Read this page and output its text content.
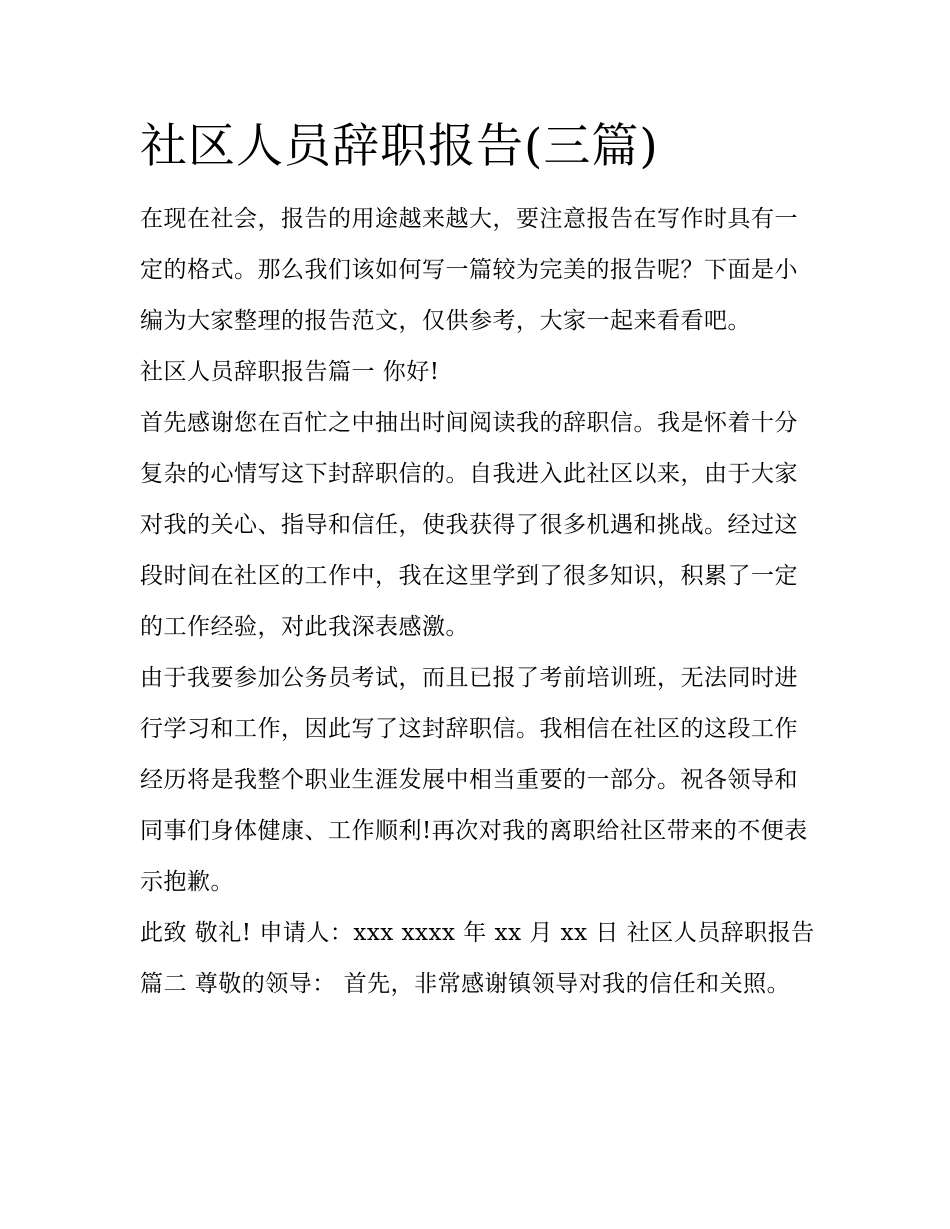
社区人员辞职报告(三篇)

在现在社会，报告的用途越来越大，要注意报告在写作时具有一定的格式。那么我们该如何写一篇较为完美的报告呢？下面是小编为大家整理的报告范文，仅供参考，大家一起来看看吧。

社区人员辞职报告篇一 你好!

首先感谢您在百忙之中抽出时间阅读我的辞职信。我是怀着十分复杂的心情写这下封辞职信的。自我进入此社区以来，由于大家对我的关心、指导和信任，使我获得了很多机遇和挑战。经过这段时间在社区的工作中，我在这里学到了很多知识，积累了一定的工作经验，对此我深表感激。

由于我要参加公务员考试，而且已报了考前培训班，无法同时进行学习和工作，因此写了这封辞职信。我相信在社区的这段工作经历将是我整个职业生涯发展中相当重要的一部分。祝各领导和同事们身体健康、工作顺利!再次对我的离职给社区带来的不便表示抱歉。

此致 敬礼! 申请人：xxx xxxx 年 xx 月 xx 日 社区人员辞职报告篇二 尊敬的领导： 首先，非常感谢镇领导对我的信任和关照。
